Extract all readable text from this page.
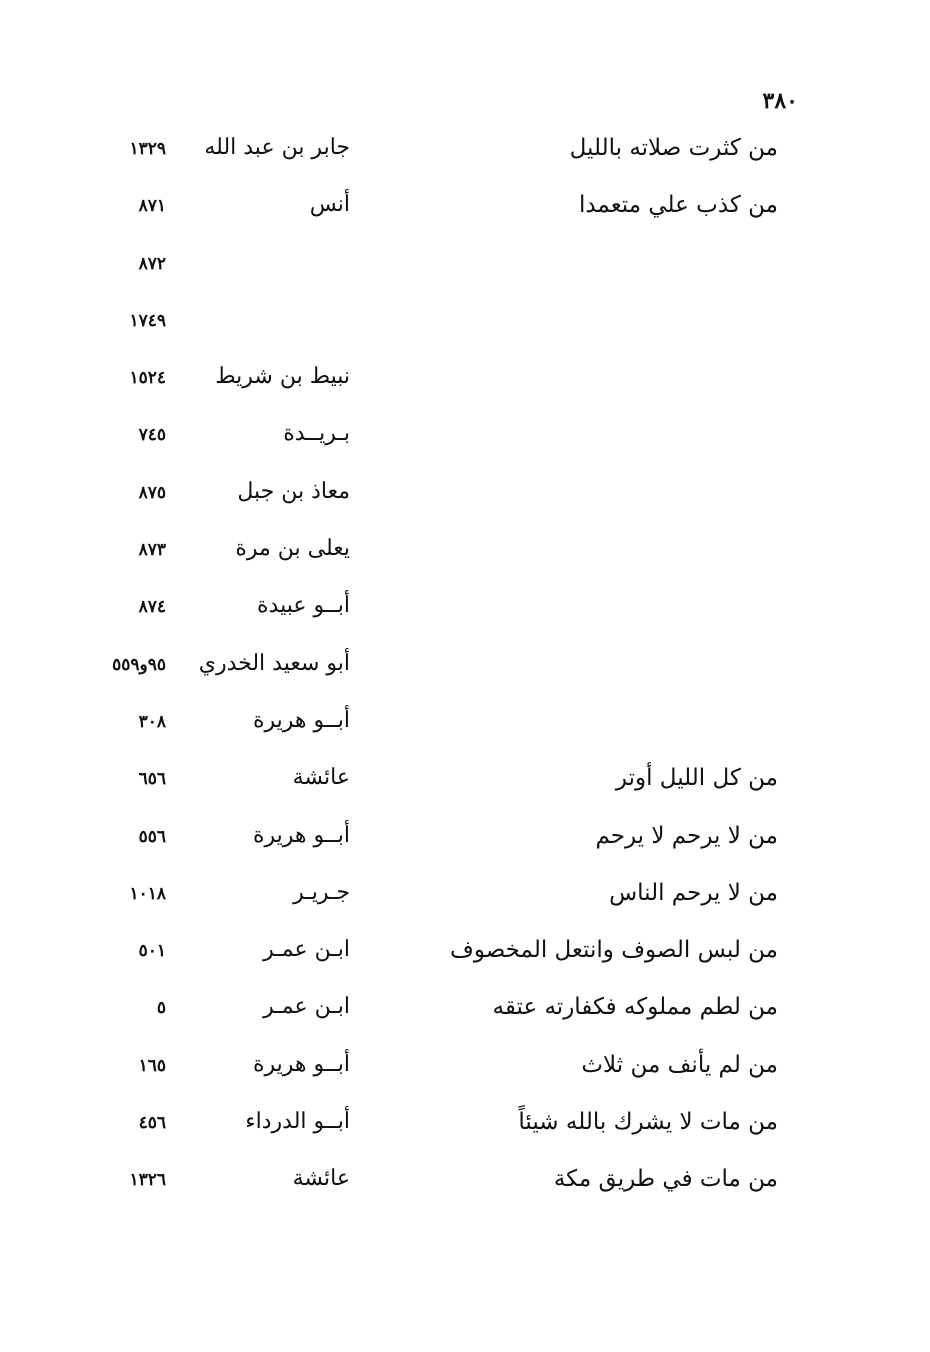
٣٨٠
من كثرت صلاته بالليل
جابر بن عبد الله
١٣٢٩
من كذب علي متعمدا
أنس
٨٧١
٨٧٢
١٧٤٩
نبيط بن شريط
١٥٢٤
بـريــدة
٧٤٥
معاذ بن جبل
٨٧٥
يعلى بن مرة
٨٧٣
أبــو عبيدة
٨٧٤
أبو سعيد الخدري
٩٥و٥٥٩
أبــو هريرة
٣٠٨
من كل الليل أوتر
عائشة
٦٥٦
من لا يرحم لا يرحم
أبــو هريرة
٥٥٦
من لا يرحم الناس
جـريـر
١٠١٨
من لبس الصوف وانتعل المخصوف
ابـن عمـر
٥٠١
من لطم مملوكه فكفارته عتقه
ابـن عمـر
٥
من لم يأنف من ثلاث
أبــو هريرة
١٦٥
من مات لا يشرك بالله شيئاً
أبــو الدرداء
٤٥٦
من مات في طريق مكة
عائشة
١٣٢٦
